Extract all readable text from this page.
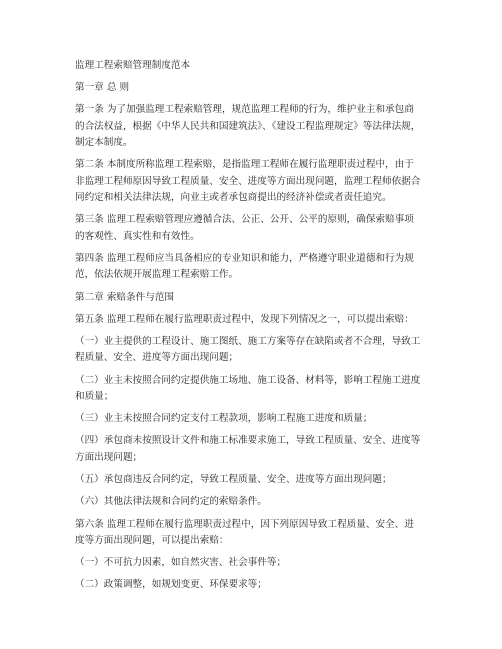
监理工程索赔管理制度范本
第一章 总 则
第一条 为了加强监理工程索赔管理，规范监理工程师的行为，维护业主和承包商
的合法权益，根据《中华人民共和国建筑法》、《建设工程监理规定》等法律法规，
制定本制度。
第二条 本制度所称监理工程索赔，是指监理工程师在履行监理职责过程中，由于
非监理工程师原因导致工程质量、安全、进度等方面出现问题，监理工程师依据合
同约定和相关法律法规，向业主或者承包商提出的经济补偿或者责任追究。
第三条 监理工程索赔管理应遵循合法、公正、公开、公平的原则，确保索赔事项
的客观性、真实性和有效性。
第四条 监理工程师应当具备相应的专业知识和能力，严格遵守职业道德和行为规
范，依法依规开展监理工程索赔工作。
第二章 索赔条件与范围
第五条 监理工程师在履行监理职责过程中，发现下列情况之一，可以提出索赔：
（一）业主提供的工程设计、施工图纸、施工方案等存在缺陷或者不合理，导致工
程质量、安全、进度等方面出现问题；
（二）业主未按照合同约定提供施工场地、施工设备、材料等，影响工程施工进度
和质量；
（三）业主未按照合同约定支付工程款项，影响工程施工进度和质量；
（四）承包商未按照设计文件和施工标准要求施工，导致工程质量、安全、进度等
方面出现问题；
（五）承包商违反合同约定，导致工程质量、安全、进度等方面出现问题；
（六）其他法律法规和合同约定的索赔条件。
第六条 监理工程师在履行监理职责过程中，因下列原因导致工程质量、安全、进
度等方面出现问题，可以提出索赔：
（一）不可抗力因素，如自然灾害、社会事件等；
（二）政策调整，如规划变更、环保要求等；
